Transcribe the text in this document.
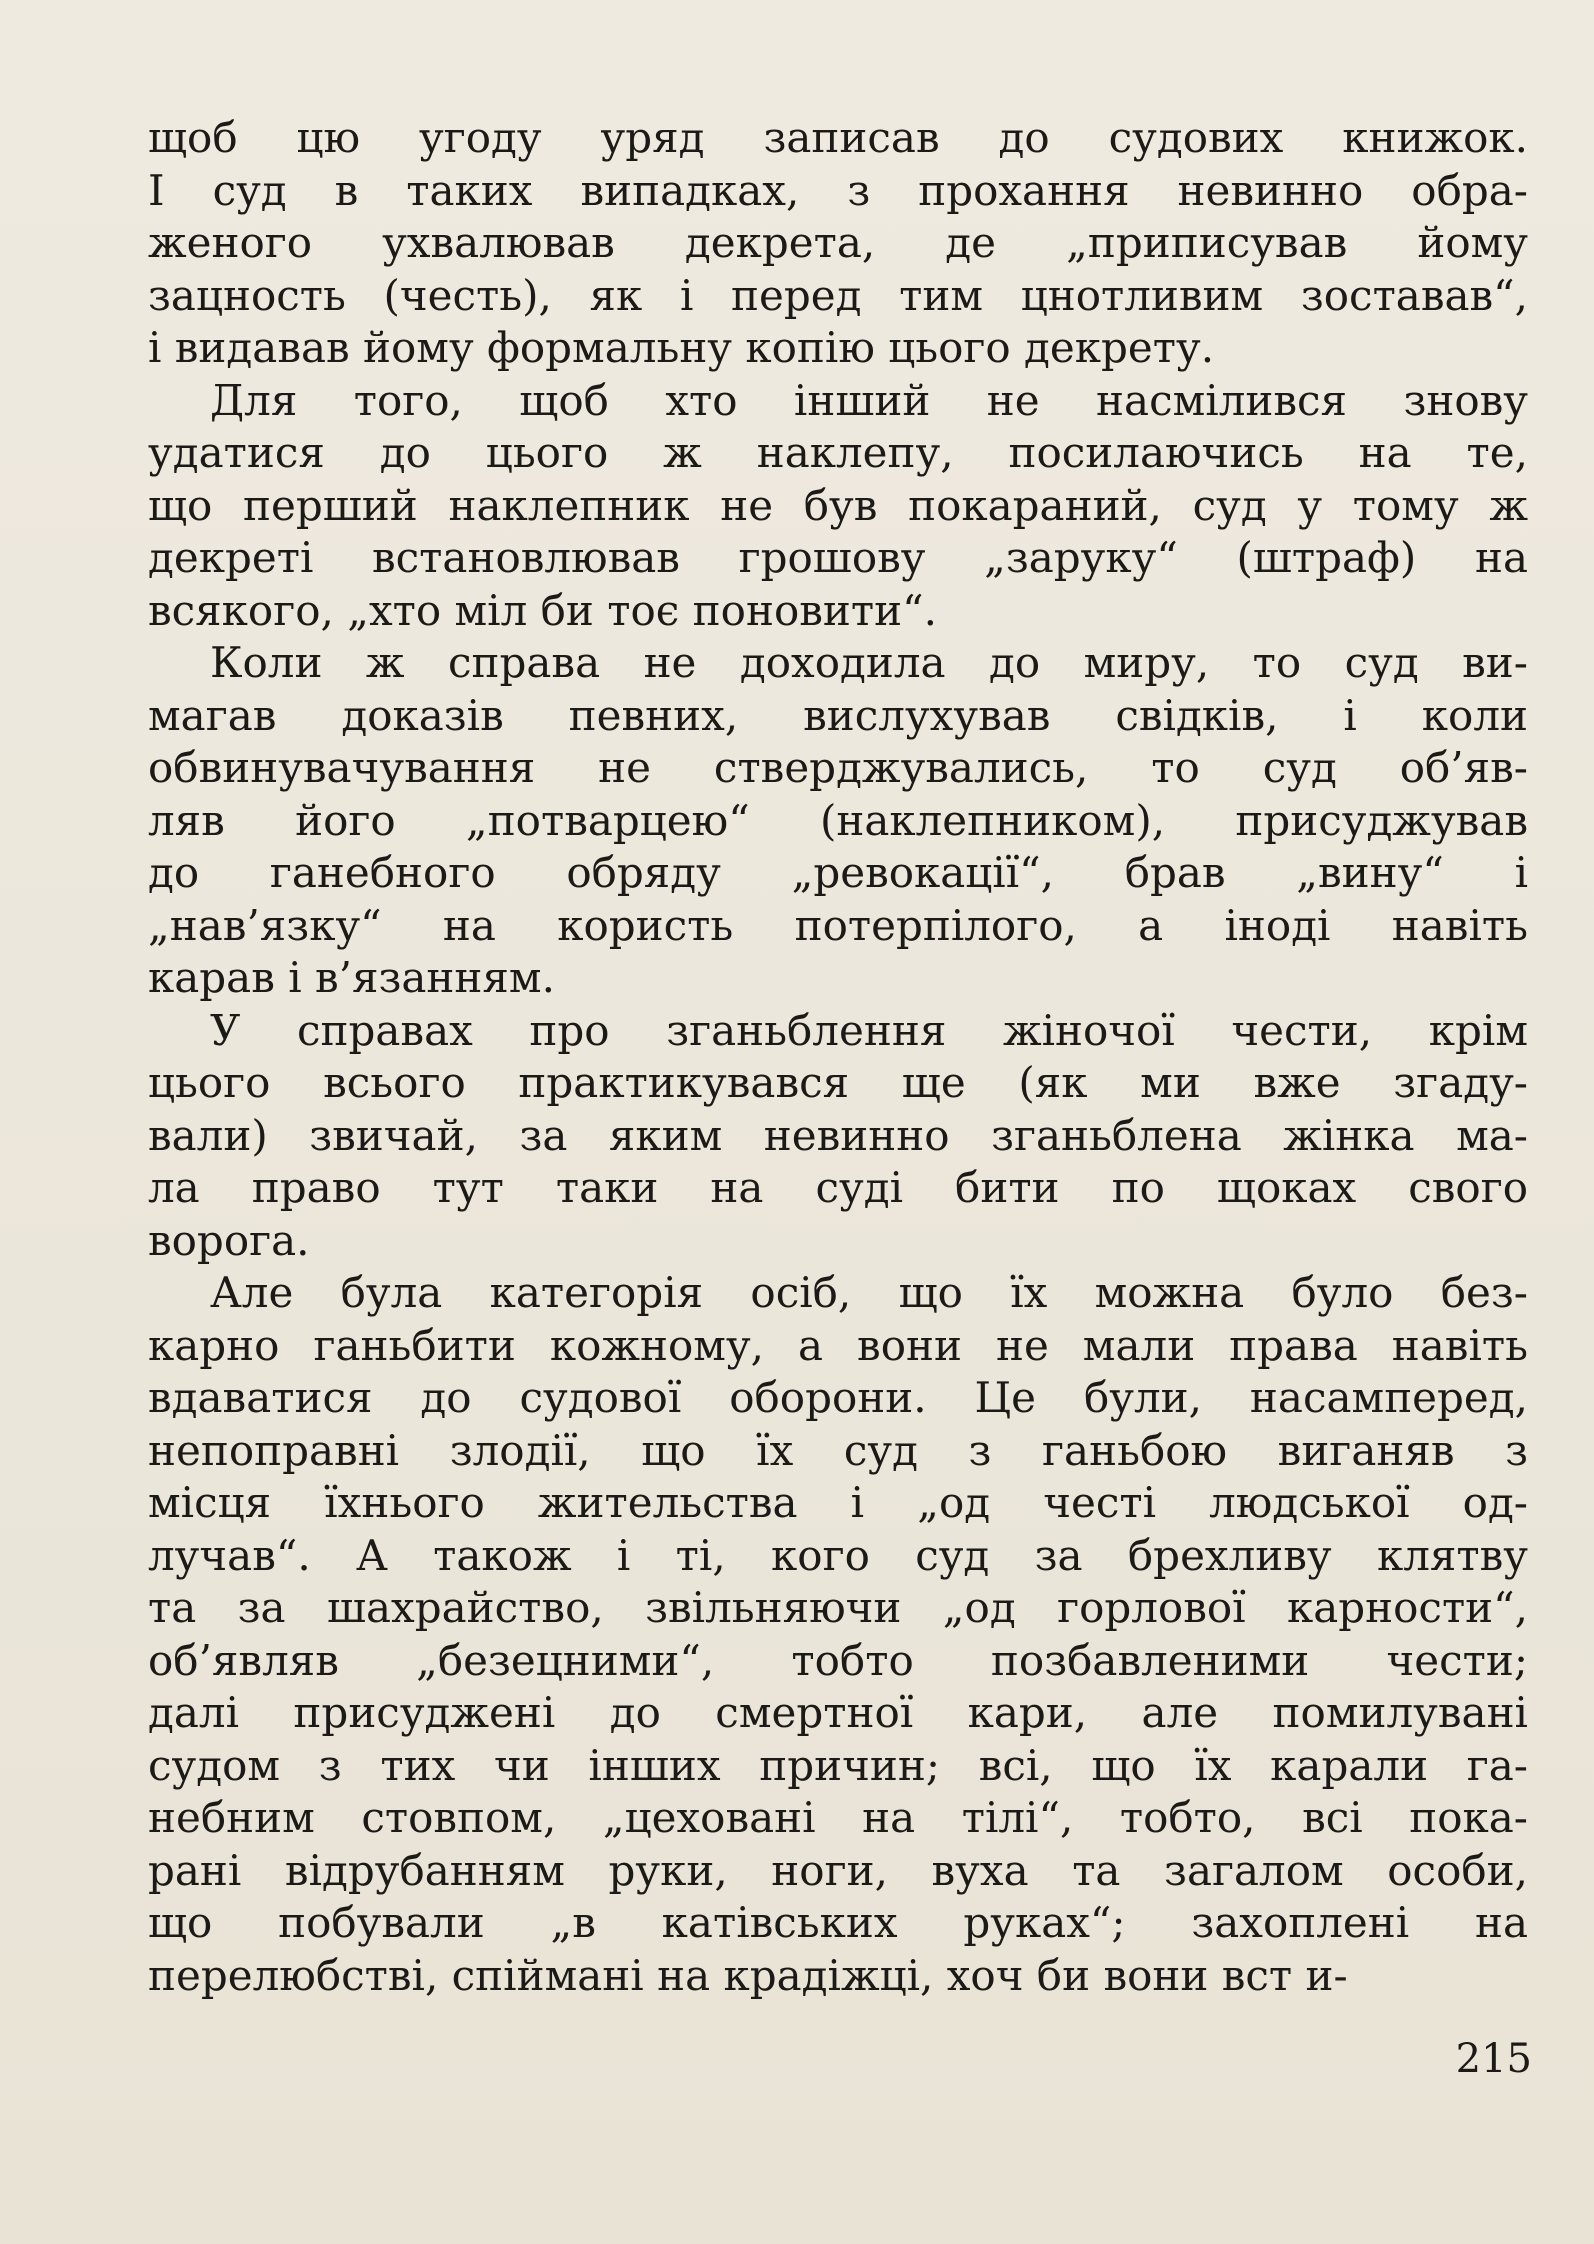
щоб цю угоду уряд записав до судових книжок.
І суд в таких випадках, з прохання невинно обра-
женого ухвалював декрета, де „приписував йому
зацность (честь), як і перед тим цнотливим зоставав“,
і видавав йому формальну копію цього декрету.
Для того, щоб хто інший не насмілився знову
удатися до цього ж наклепу, посилаючись на те,
що перший наклепник не був покараний, суд у тому ж
декреті встановлював грошову „заруку“ (штраф) на
всякого, „хто міл би тоє поновити“.
Коли ж справа не доходила до миру, то суд ви-
магав доказів певних, вислухував свідків, і коли
обвинувачування не стверджувались, то суд об’яв-
ляв його „потварцею“ (наклепником), присуджував
до ганебного обряду „ревокації“, брав „вину“ і
„нав’язку“ на користь потерпілого, а іноді навіть
карав і в’язанням.
У справах про зганьблення жіночої чести, крім
цього всього практикувався ще (як ми вже згаду-
вали) звичай, за яким невинно зганьблена жінка ма-
ла право тут таки на суді бити по щоках свого
ворога.
Але була категорія осіб, що їх можна було без-
карно ганьбити кожному, а вони не мали права навіть
вдаватися до судової оборони. Це були, насамперед,
непоправні злодії, що їх суд з ганьбою виганяв з
місця їхнього жительства і „од честі людської од-
лучав“. А також і ті, кого суд за брехливу клятву
та за шахрайство, звільняючи „од горлової карности“,
об’являв „безецними“, тобто позбавленими чести;
далі присуджені до смертної кари, але помилувані
судом з тих чи інших причин; всі, що їх карали га-
небним стовпом, „цехованi на тілі“, тобто, всі пока-
рані відрубанням руки, ноги, вуха та загалом особи,
що побували „в катівських руках“; захоплені на
перелюбстві, спіймані на крадіжці, хоч би вони вст и-
215
